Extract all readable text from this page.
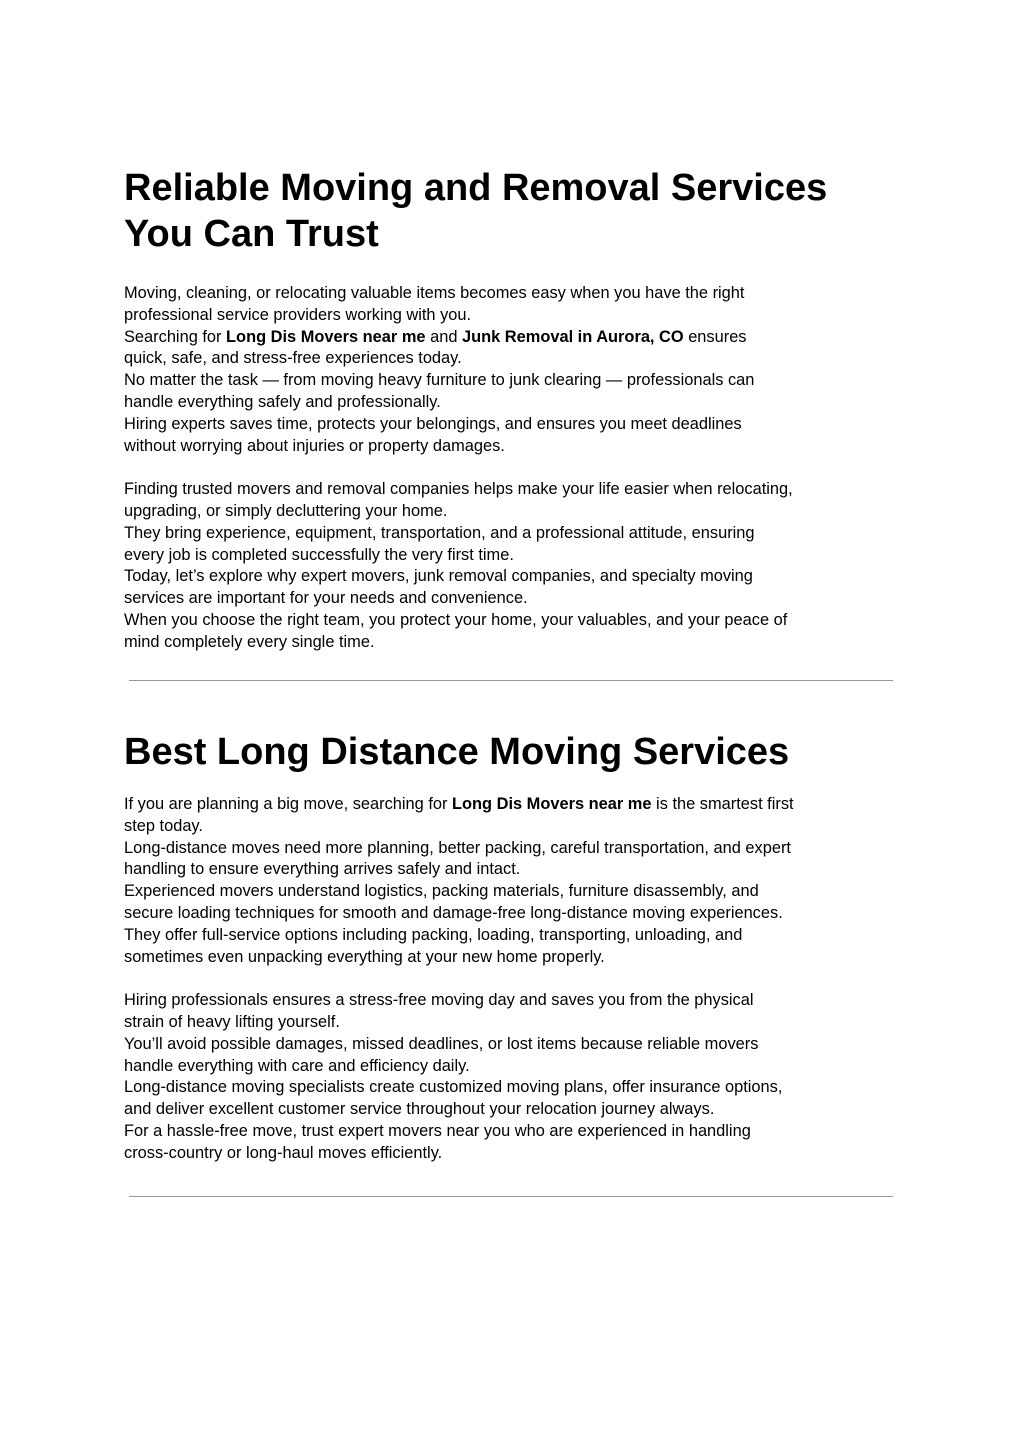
Reliable Moving and Removal Services
You Can Trust
Moving, cleaning, or relocating valuable items becomes easy when you have the right
professional service providers working with you.
Searching for Long Dis Movers near me and Junk Removal in Aurora, CO ensures
quick, safe, and stress-free experiences today.
No matter the task — from moving heavy furniture to junk clearing — professionals can
handle everything safely and professionally.
Hiring experts saves time, protects your belongings, and ensures you meet deadlines
without worrying about injuries or property damages.
Finding trusted movers and removal companies helps make your life easier when relocating,
upgrading, or simply decluttering your home.
They bring experience, equipment, transportation, and a professional attitude, ensuring
every job is completed successfully the very first time.
Today, let’s explore why expert movers, junk removal companies, and specialty moving
services are important for your needs and convenience.
When you choose the right team, you protect your home, your valuables, and your peace of
mind completely every single time.
Best Long Distance Moving Services
If you are planning a big move, searching for Long Dis Movers near me is the smartest first
step today.
Long-distance moves need more planning, better packing, careful transportation, and expert
handling to ensure everything arrives safely and intact.
Experienced movers understand logistics, packing materials, furniture disassembly, and
secure loading techniques for smooth and damage-free long-distance moving experiences.
They offer full-service options including packing, loading, transporting, unloading, and
sometimes even unpacking everything at your new home properly.
Hiring professionals ensures a stress-free moving day and saves you from the physical
strain of heavy lifting yourself.
You’ll avoid possible damages, missed deadlines, or lost items because reliable movers
handle everything with care and efficiency daily.
Long-distance moving specialists create customized moving plans, offer insurance options,
and deliver excellent customer service throughout your relocation journey always.
For a hassle-free move, trust expert movers near you who are experienced in handling
cross-country or long-haul moves efficiently.
